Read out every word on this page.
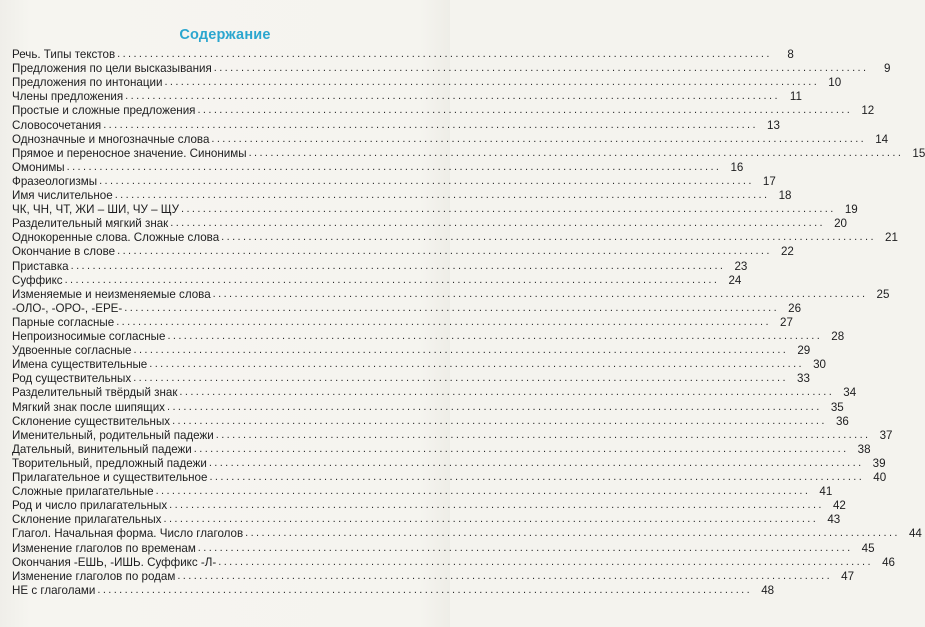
Содержание
Речь. Типы текстов ........................................................................................................................	8
Предложения по цели высказывания ........................................................................................................................	9
Предложения по интонации ........................................................................................................................ 10
Члены предложения ........................................................................................................................ 11
Простые и сложные предложения ........................................................................................................................ 12
Словосочетания ........................................................................................................................ 13
Однозначные и многозначные слова ........................................................................................................................ 14
Прямое и переносное значение. Синонимы ........................................................................................................................ 15
Омонимы ........................................................................................................................ 16
Фразеологизмы ........................................................................................................................ 17
Имя числительное ........................................................................................................................ 18
ЧК, ЧН, ЧТ, ЖИ – ШИ, ЧУ – ЩУ ........................................................................................................................ 19
Разделительный мягкий знак ........................................................................................................................ 20
Однокоренные слова. Сложные слова ........................................................................................................................ 21
Окончание в слове ........................................................................................................................ 22
Приставка ........................................................................................................................ 23
Суффикс ........................................................................................................................ 24
Изменяемые и неизменяемые слова ........................................................................................................................ 25
-ОЛО-, -ОРО-, -ЕРЕ- ........................................................................................................................ 26
Парные согласные ........................................................................................................................ 27
Непроизносимые согласные ........................................................................................................................ 28
Удвоенные согласные ........................................................................................................................ 29
Имена существительные ........................................................................................................................ 30
Род существительных ........................................................................................................................ 33
Разделительный твёрдый знак ........................................................................................................................ 34
Мягкий знак после шипящих ........................................................................................................................ 35
Склонение существительных ........................................................................................................................ 36
Именительный, родительный падежи ........................................................................................................................ 37
Дательный, винительный падежи ........................................................................................................................ 38
Творительный, предложный падежи ........................................................................................................................ 39
Прилагательное и существительное ........................................................................................................................ 40
Сложные прилагательные ........................................................................................................................ 41
Род и число прилагательных ........................................................................................................................ 42
Склонение прилагательных ........................................................................................................................ 43
Глагол. Начальная форма. Число глаголов ........................................................................................................................ 44
Изменение глаголов по временам ........................................................................................................................ 45
Окончания -ЕШЬ, -ИШЬ. Суффикс -Л- ........................................................................................................................ 46
Изменение глаголов по родам ........................................................................................................................ 47
НЕ с глаголами ........................................................................................................................ 48
